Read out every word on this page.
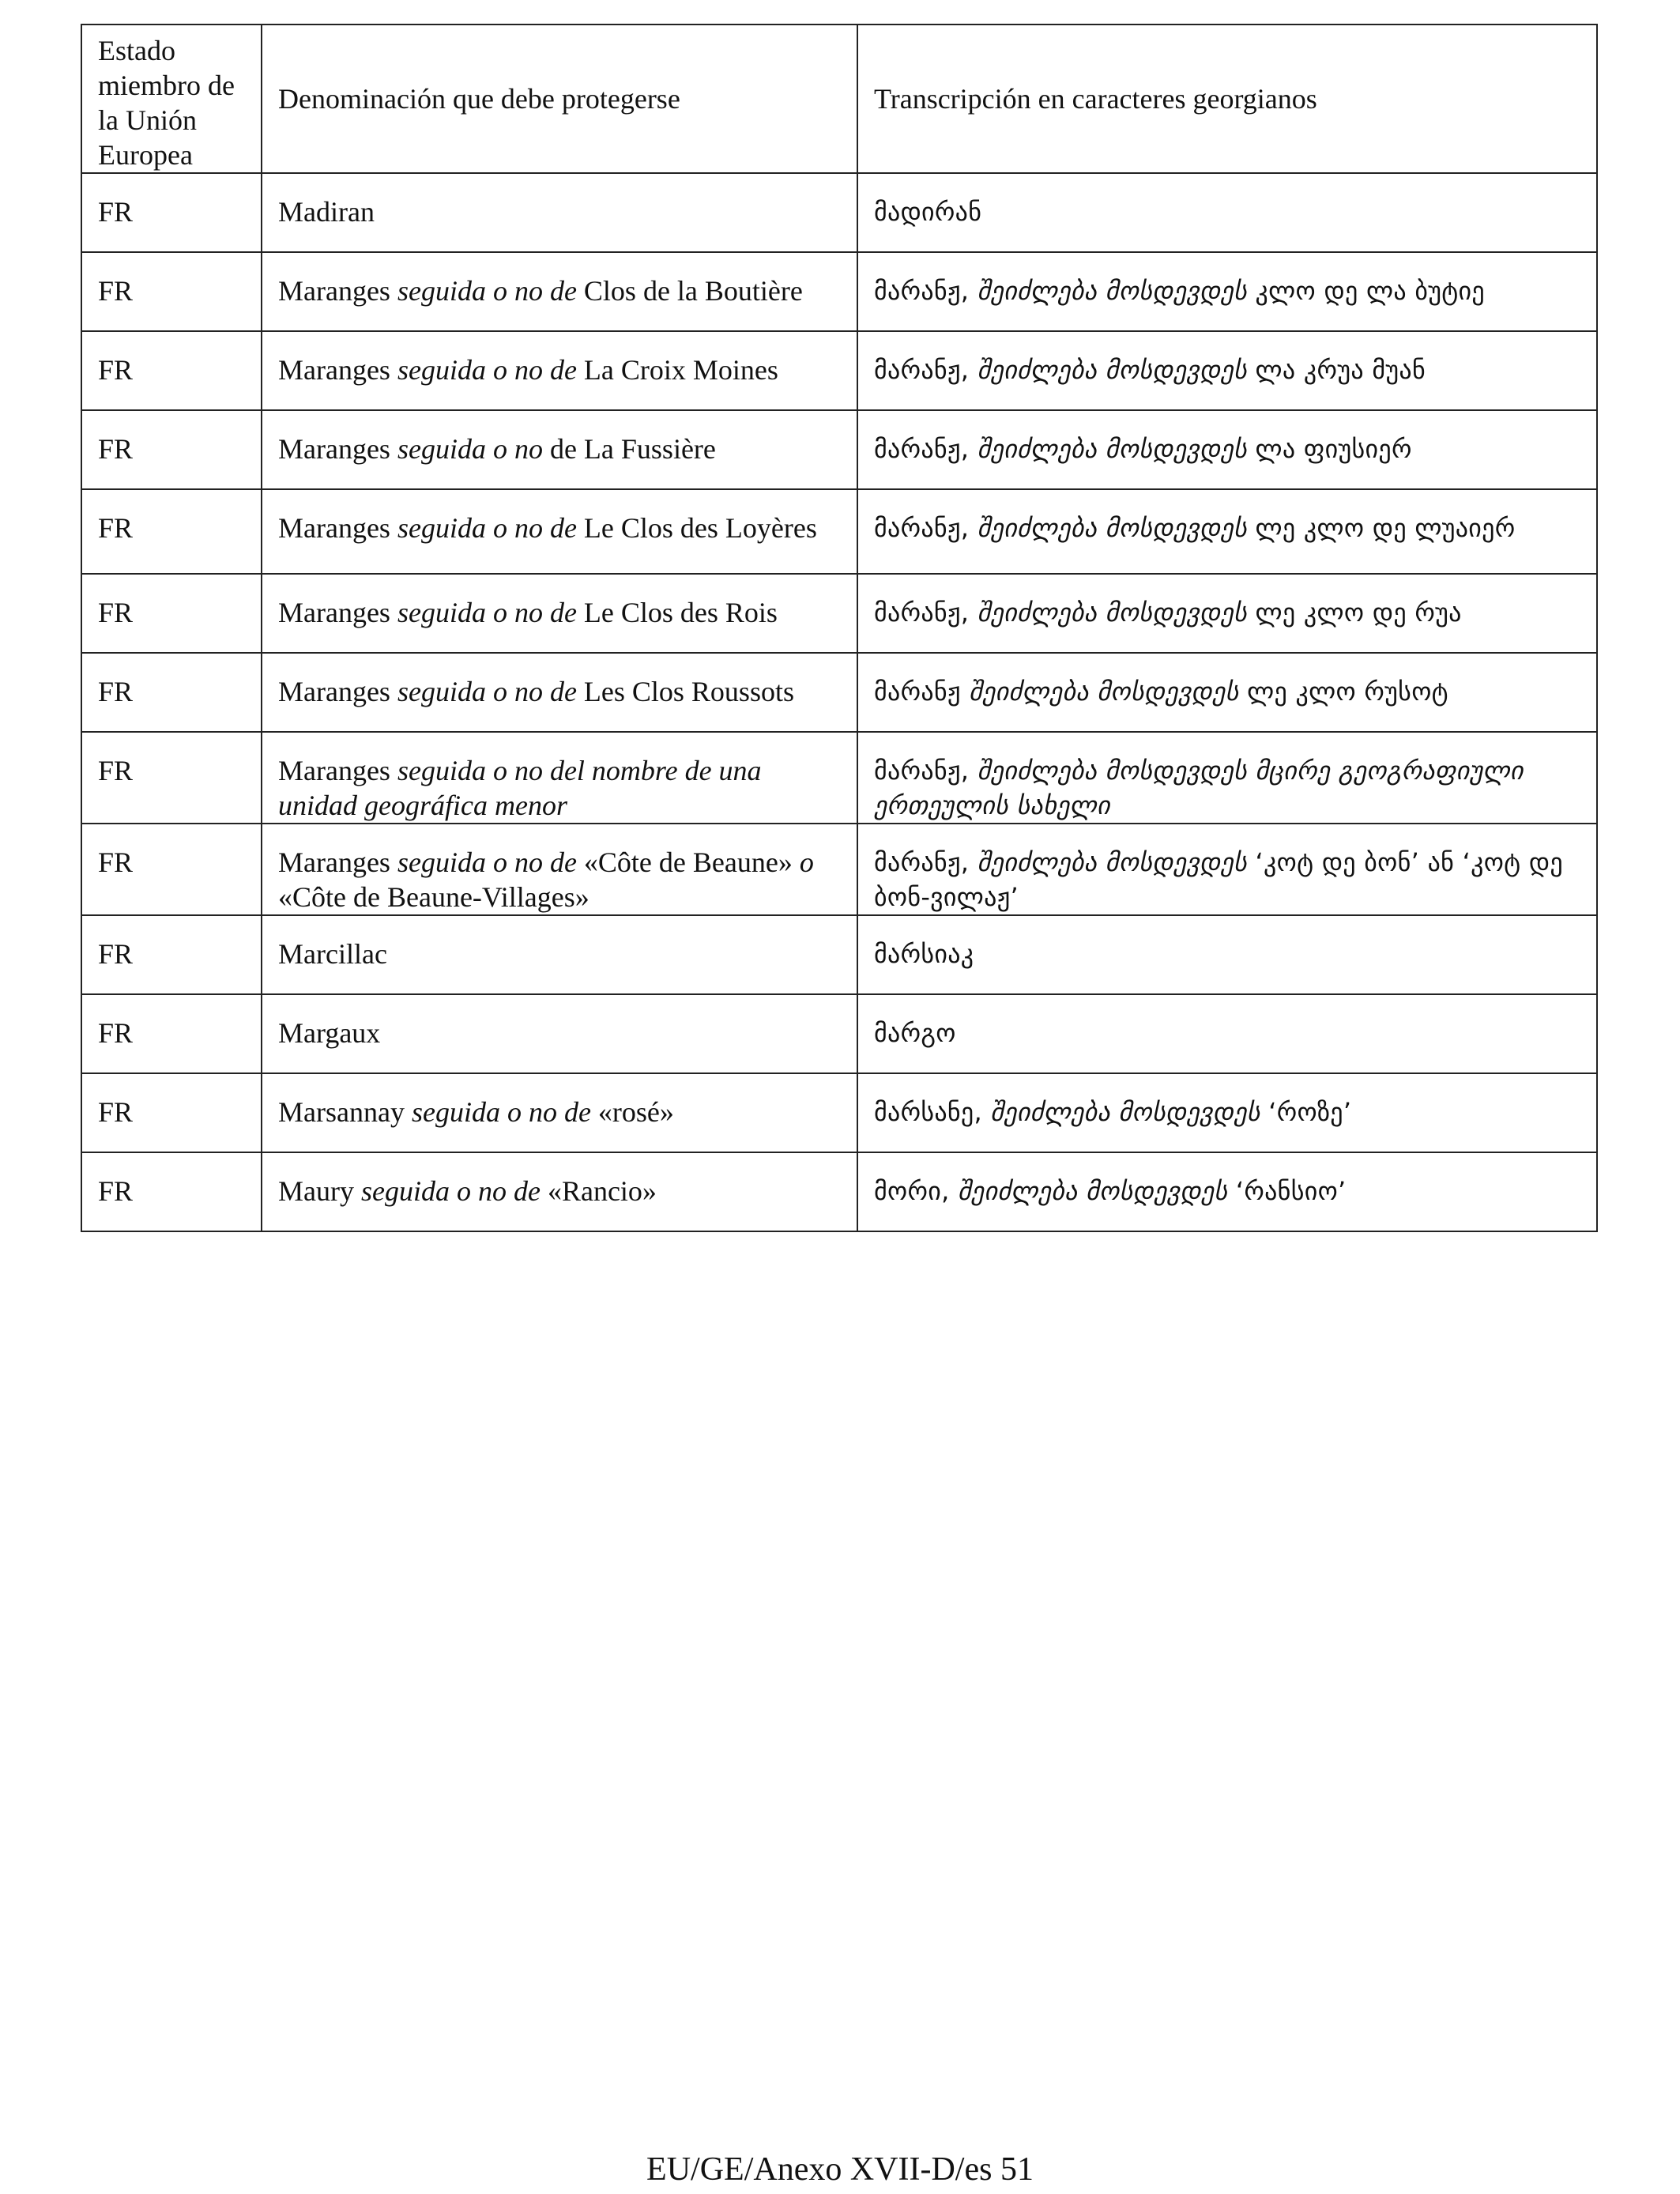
Estado miembro de la Unión Europea	Denominación que debe protegerse	Transcripción en caracteres georgianos
FR	Madiran	მადირან
FR	Maranges seguida o no de Clos de la Boutière	მარანჟ, შეიძლება მოსდევდეს კლო დე ლა ბუტიე
FR	Maranges seguida o no de La Croix Moines	მარანჟ, შეიძლება მოსდევდეს ლა კრუა მუან
FR	Maranges seguida o no de La Fussière	მარანჟ, შეიძლება მოსდევდეს ლა ფიუსიერ
FR	Maranges seguida o no de Le Clos des Loyères	მარანჟ, შეიძლება მოსდევდეს ლე კლო დე ლუაიერ
FR	Maranges seguida o no de Le Clos des Rois	მარანჟ, შეიძლება მოსდევდეს ლე კლო დე რუა
FR	Maranges seguida o no de Les Clos Roussots	მარანჟ შეიძლება მოსდევდეს ლე კლო რუსოტ
FR	Maranges seguida o no del nombre de una unidad geográfica menor	მარანჟ, შეიძლება მოსდევდეს მცირე გეოგრაფიული ერთეულის სახელი
FR	Maranges seguida o no de «Côte de Beaune» o «Côte de Beaune-Villages»	მარანჟ, შეიძლება მოსდევდეს ‘კოტ დე ბონ’ ან ‘კოტ დე ბონ-ვილაჟ’
FR	Marcillac	მარსიაკ
FR	Margaux	მარგო
FR	Marsannay seguida o no de «rosé»	მარსანე, შეიძლება მოსდევდეს ‘როზე’
FR	Maury seguida o no de «Rancio»	მორი, შეიძლება მოსდევდეს ‘რანსიო’
EU/GE/Anexo XVII-D/es 51
